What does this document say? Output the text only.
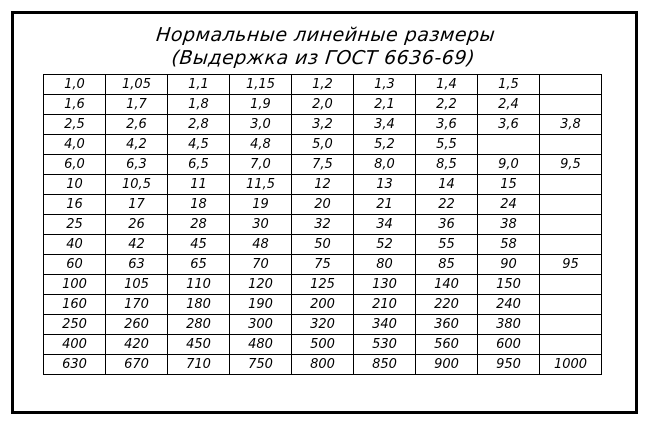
Нормальные линейные размеры
(Выдержка из ГОСТ 6636-69)
1,0	1,05	1,1	1,15	1,2	1,3	1,4	1,5	
1,6	1,7	1,8	1,9	2,0	2,1	2,2	2,4	
2,5	2,6	2,8	3,0	3,2	3,4	3,6	3,6	3,8
4,0	4,2	4,5	4,8	5,0	5,2	5,5		
6,0	6,3	6,5	7,0	7,5	8,0	8,5	9,0	9,5
10	10,5	11	11,5	12	13	14	15	
16	17	18	19	20	21	22	24	
25	26	28	30	32	34	36	38	
40	42	45	48	50	52	55	58	
60	63	65	70	75	80	85	90	95
100	105	110	120	125	130	140	150	
160	170	180	190	200	210	220	240	
250	260	280	300	320	340	360	380	
400	420	450	480	500	530	560	600	
630	670	710	750	800	850	900	950	1000
